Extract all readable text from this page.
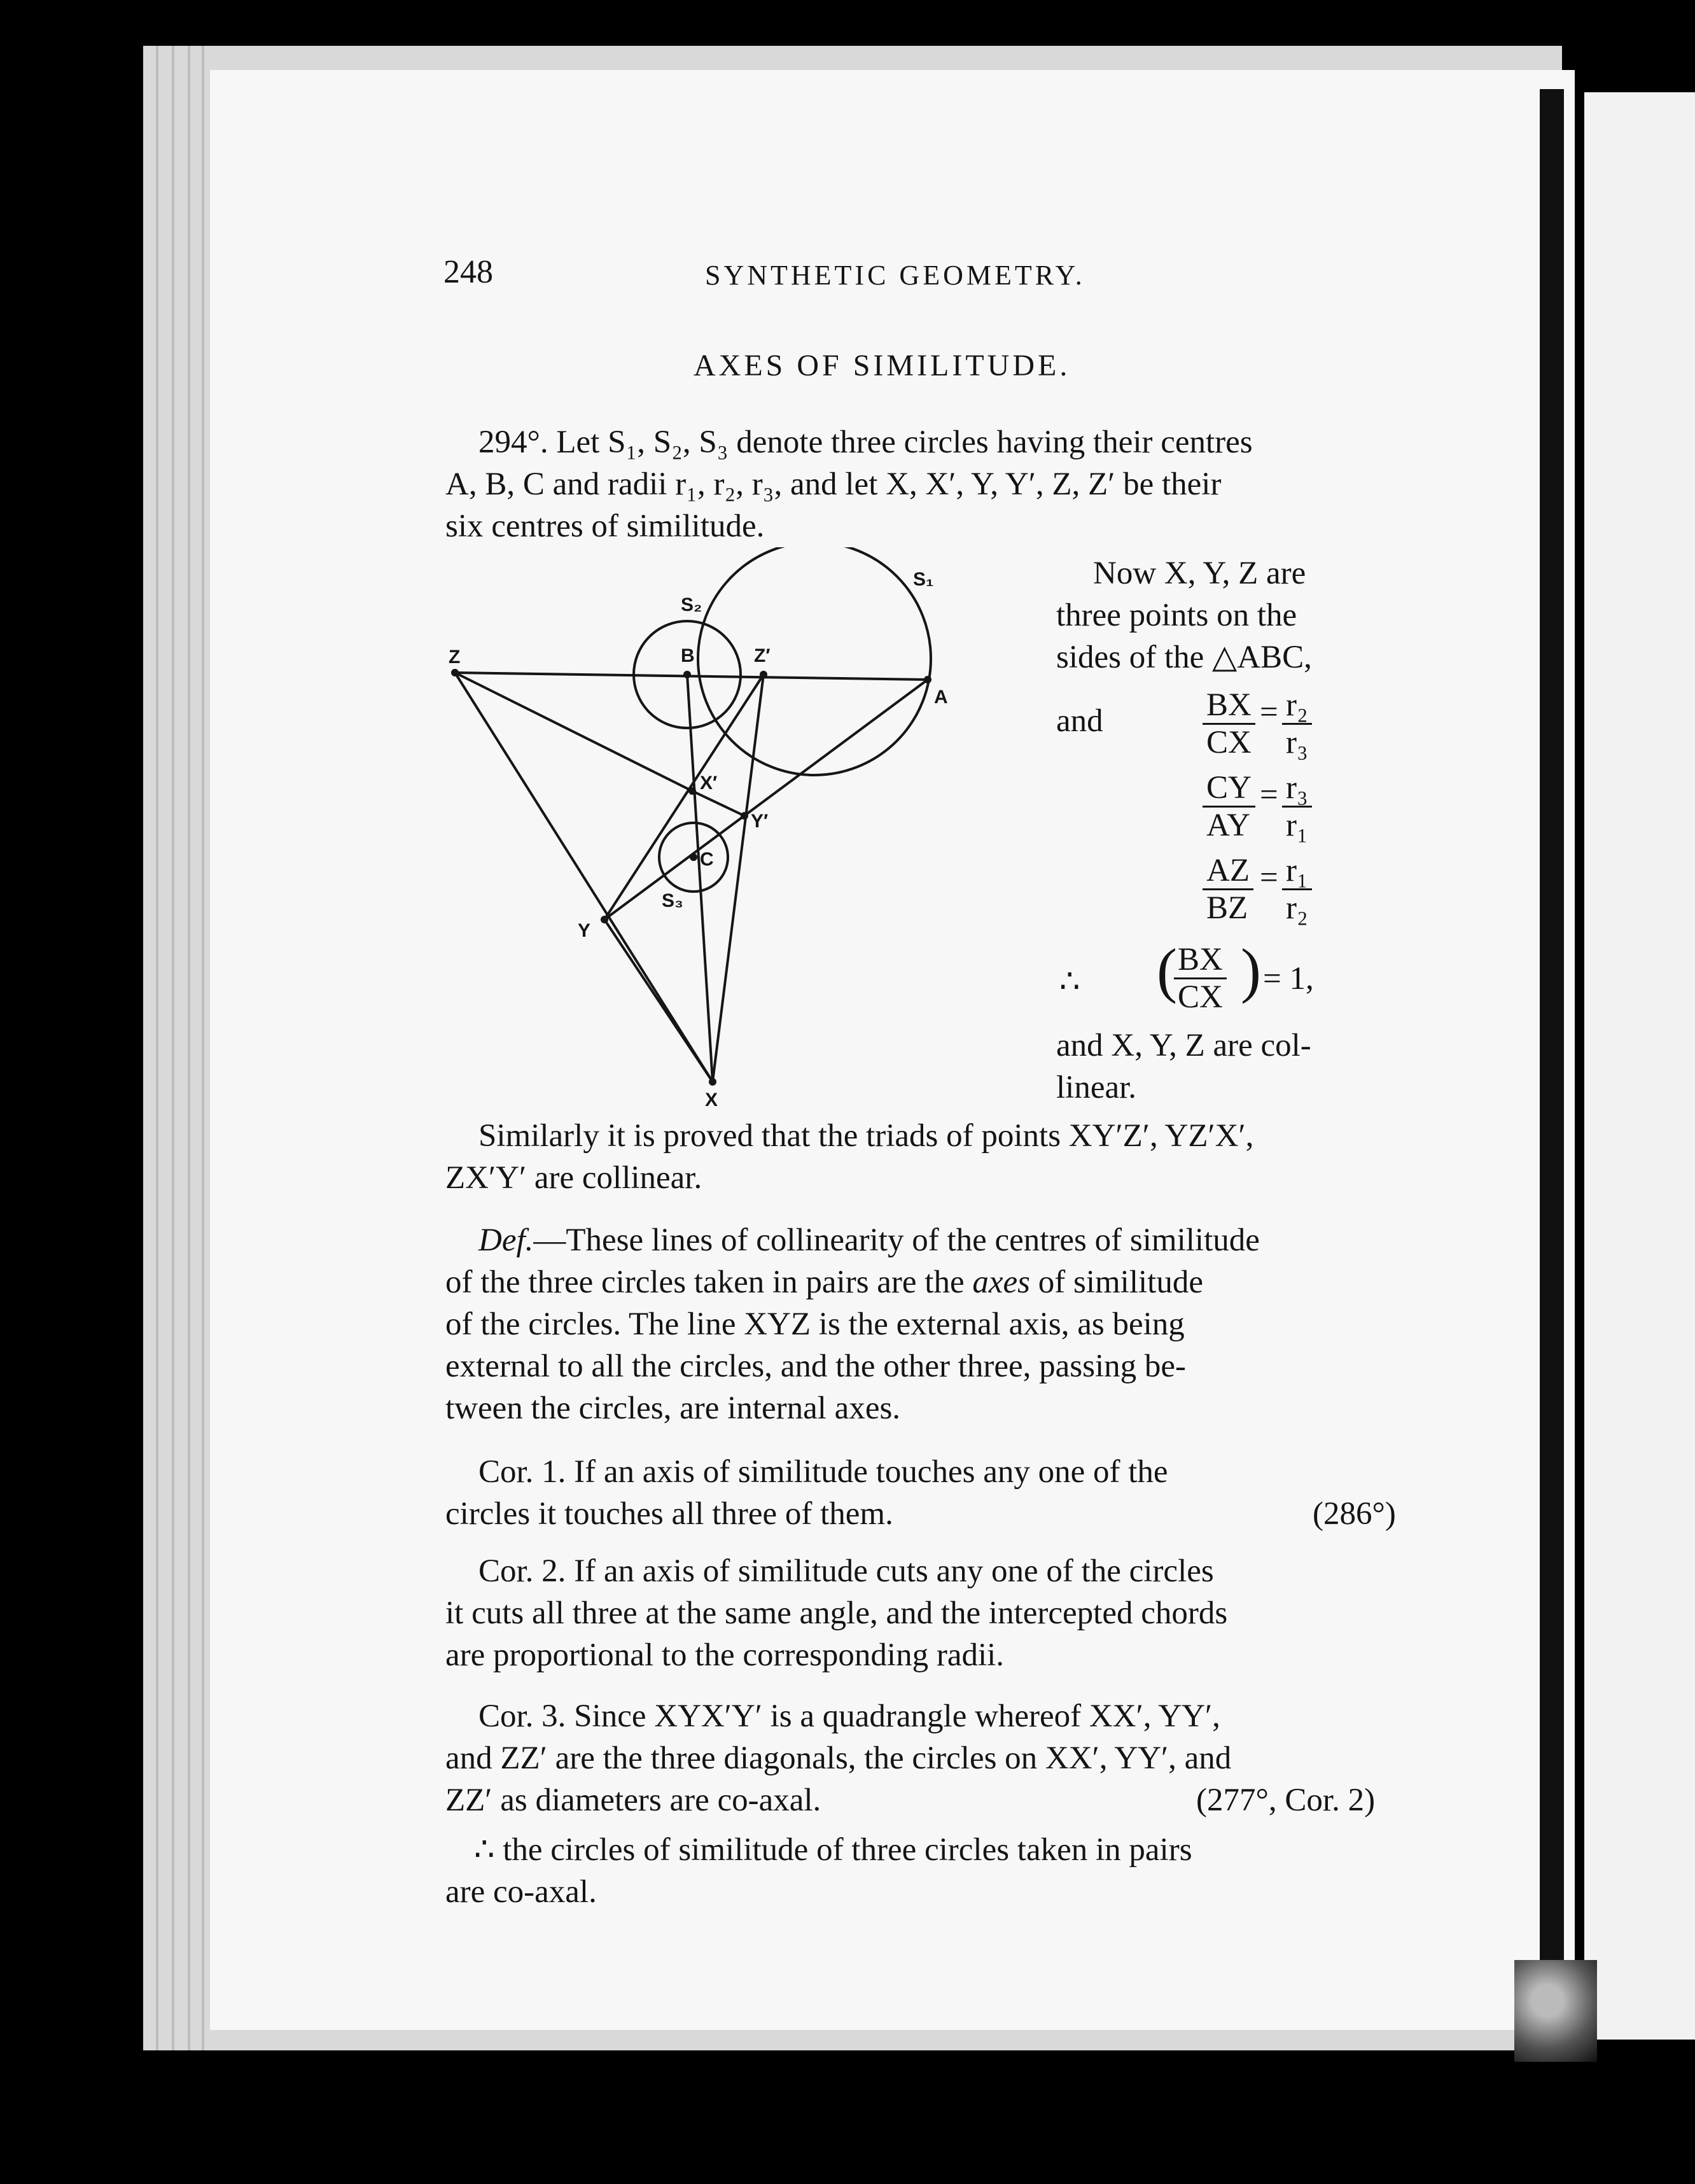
248	SYNTHETIC GEOMETRY.
AXES OF SIMILITUDE.
294°. Let S₁, S₂, S₃ denote three circles having their centres
A, B, C and radii r₁, r₂, r₃, and let X, X′, Y, Y′, Z, Z′ be their
six centres of similitude.
S₁
S₂
S₃
Z	B	Z′
A
X′
Y′
C
Y
X
Now X, Y, Z are
three points on the
sides of the △ABC,
and	$\frac{BX}{CX} = \frac{\text{r₂}}{\text{r₃}}$
$\frac{CY}{AY} = \frac{\text{r₃}}{\text{r₁}}$
$\frac{AZ}{BZ} = \frac{\text{r₁}}{\text{r₂}}$
∴ (
$\frac{BX}{CX}$ ) = 1,
and X, Y, Z are col-
linear.
Similarly it is proved that the triads of points XY′Z′, YZ′X′,
ZX′Y′ are collinear.
Def.—These lines of collinearity of the centres of similitude
of the three circles taken in pairs are the axes of similitude
of the circles. The line XYZ is the external axis, as being
external to all the circles, and the other three, passing be-
tween the circles, are internal axes.
Cor. 1. If an axis of similitude touches any one of the
circles it touches all three of them.	(286°)
Cor. 2. If an axis of similitude cuts any one of the circles
it cuts all three at the same angle, and the intercepted chords
are proportional to the corresponding radii.
Cor. 3. Since XYX′Y′ is a quadrangle whereof XX′, YY′,
and ZZ′ are the three diagonals, the circles on XX′, YY′, and
ZZ′ as diameters are co-axal.	(277°, Cor. 2)
∴ the circles of similitude of three circles taken in pairs
are co-axal.
